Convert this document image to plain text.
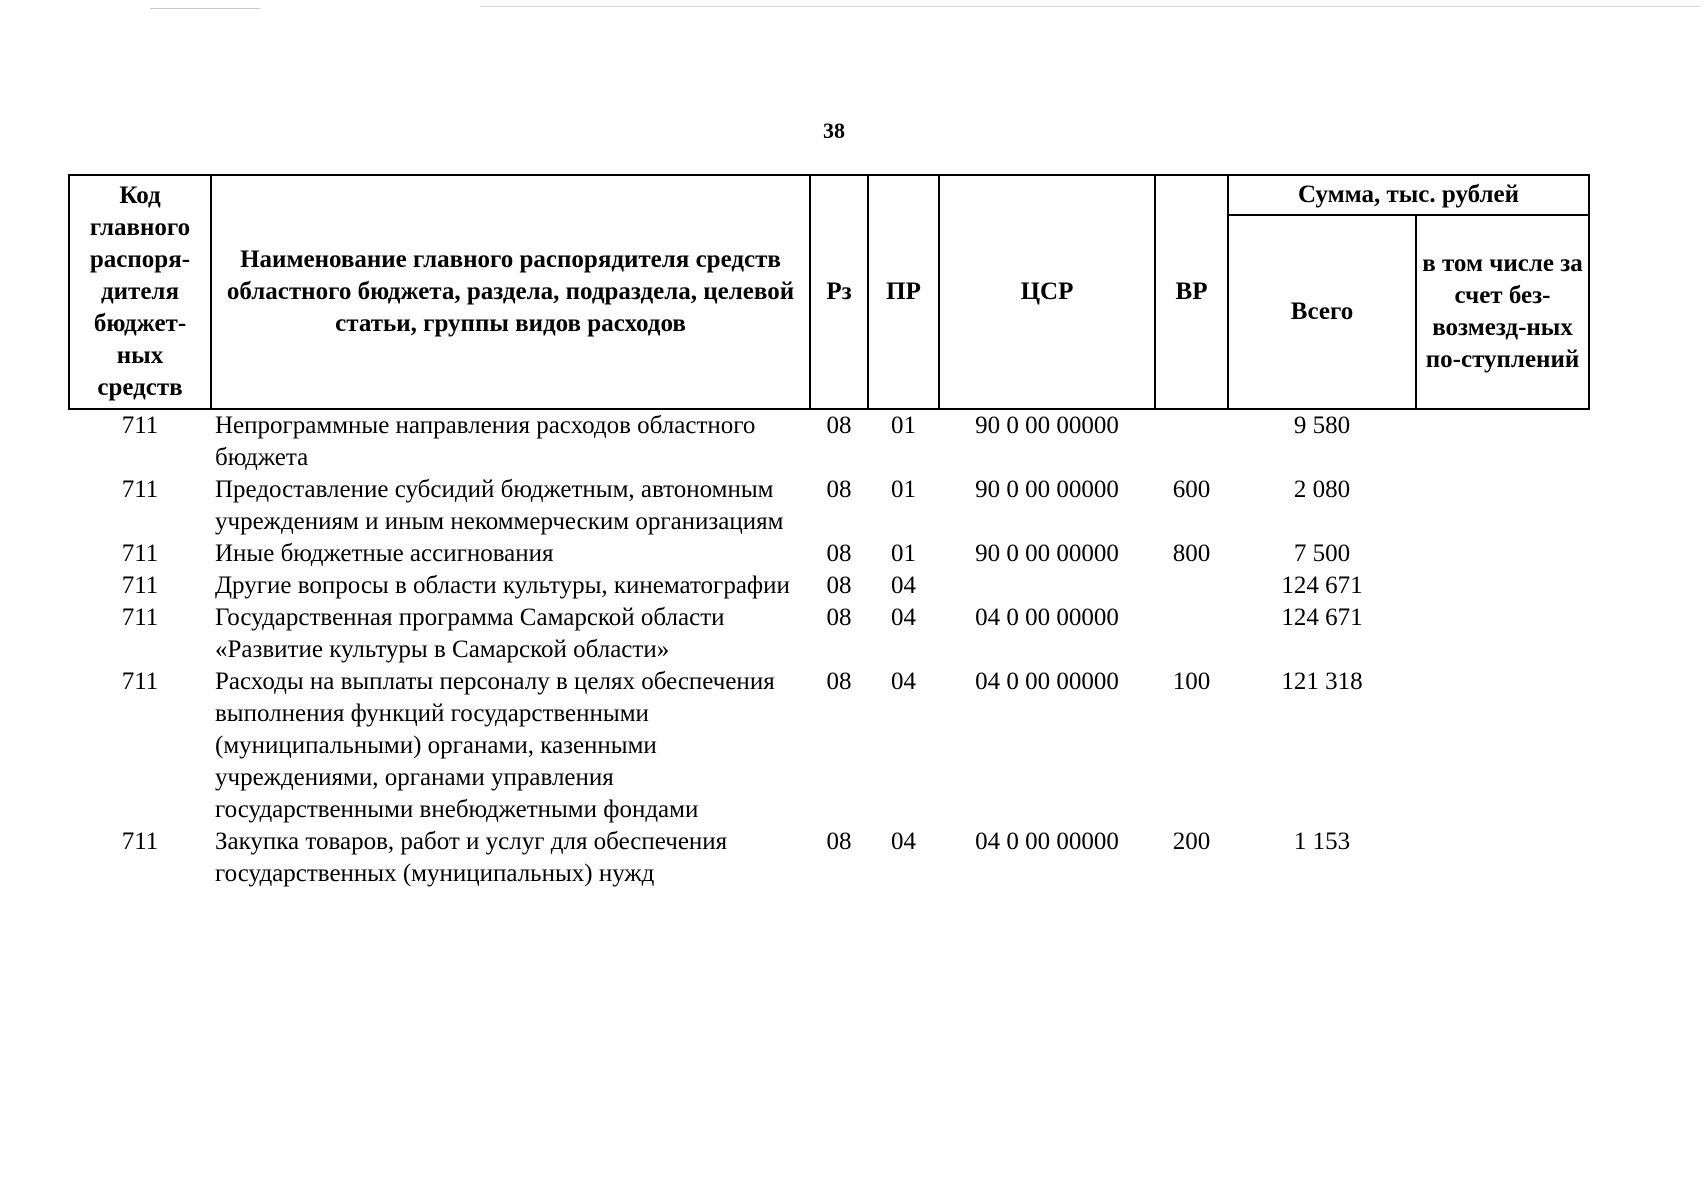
38
Код главного распоря-дителя бюджет-ных средств	Наименование главного распорядителя средств областного бюджета, раздела, подраздела, целевой статьи, группы видов расходов	Рз	ПР	ЦСР	ВР	Сумма, тыс. рублей	
						Всего	в том числе за счет без-возмезд-ных по-ступлений
711	Непрограммные направления расходов областного бюджета	08	01	90 0 00 00000		9 580	
711	Предоставление субсидий бюджетным, автономным учреждениям и иным некоммерческим организациям	08	01	90 0 00 00000	600	2 080	
711	Иные бюджетные ассигнования	08	01	90 0 00 00000	800	7 500	
711	Другие вопросы в области культуры, кинематографии	08	04			124 671	
711	Государственная программа Самарской области «Развитие культуры в Самарской области»	08	04	04 0 00 00000		124 671	
711	Расходы на выплаты персоналу в целях обеспечения выполнения функций государственными (муниципальными) органами, казенными учреждениями, органами управления государственными внебюджетными фондами	08	04	04 0 00 00000	100	121 318	
711	Закупка товаров, работ и услуг для обеспечения государственных (муниципальных) нужд	08	04	04 0 00 00000	200	1 153	
